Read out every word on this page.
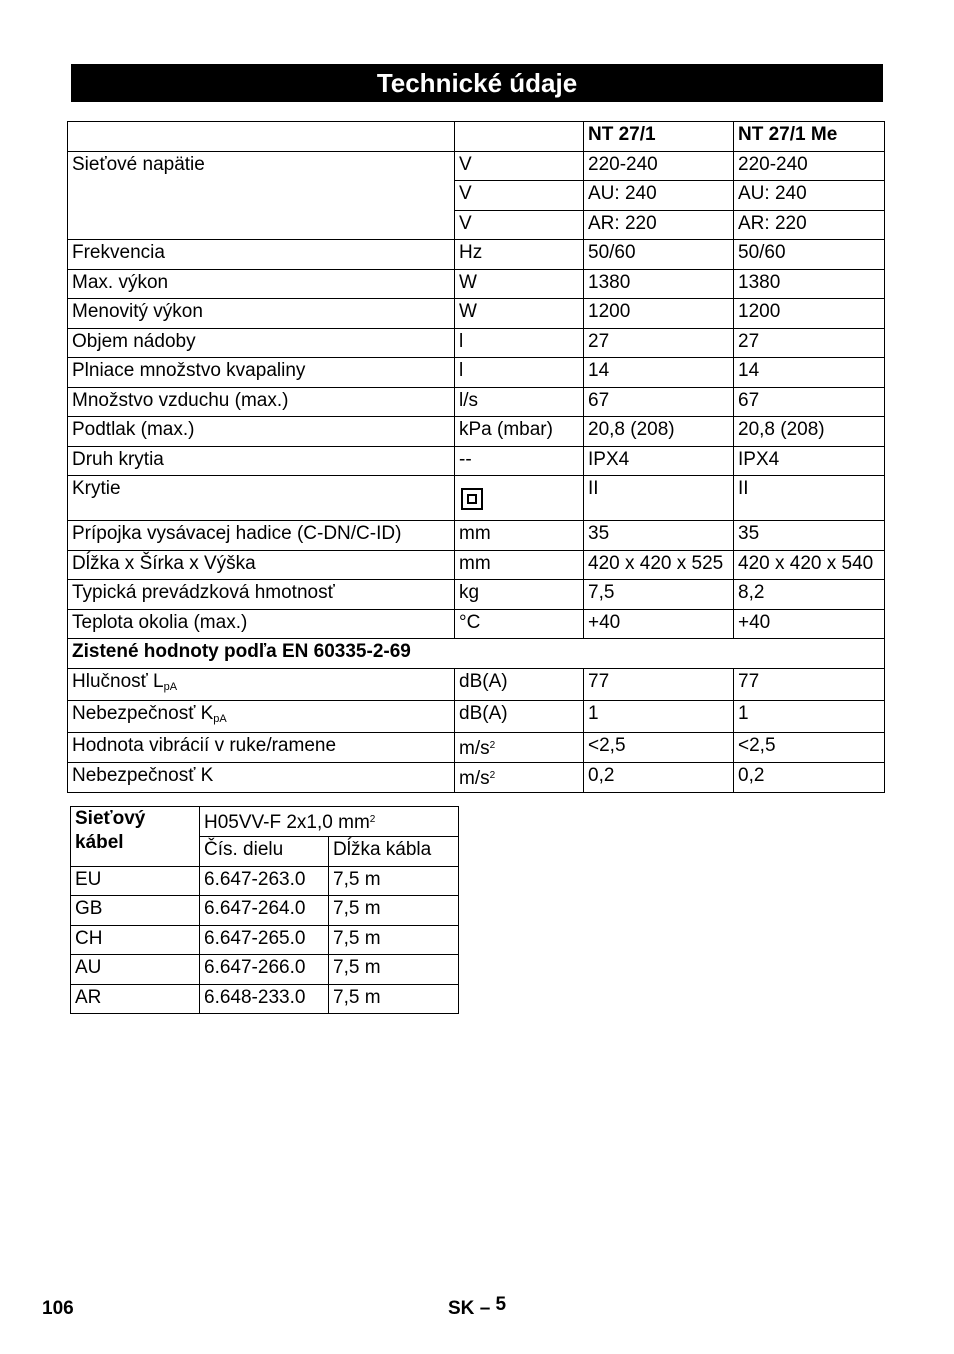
Technické údaje
		NT 27/1	NT 27/1 Me
Sieťové napätie	V	220-240	220-240
	V	AU: 240	AU: 240
	V	AR: 220	AR: 220
Frekvencia	Hz	50/60	50/60
Max. výkon	W	1380	1380
Menovitý výkon	W	1200	1200
Objem nádoby	l	27	27
Plniace množstvo kvapaliny	l	14	14
Množstvo vzduchu (max.)	l/s	67	67
Podtlak (max.)	kPa (mbar)	20,8 (208)	20,8 (208)
Druh krytia	--	IPX4	IPX4
Krytie		II	II
Prípojka vysávacej hadice (C-DN/C-ID)	mm	35	35
Dĺžka x Šírka x Výška	mm	420 x 420 x 525	420 x 420 x 540
Typická prevádzková hmotnosť	kg	7,5	8,2
Teplota okolia (max.)	°C	+40	+40
Zistené hodnoty podľa EN 60335-2-69			
Hlučnosť $L_{pA}$	dB(A)	77	77
Nebezpečnosť $K_{pA}$	dB(A)	1	1
Hodnota vibrácií v ruke/ramene	$m/s^2$	<2,5	<2,5
Nebezpečnosť K	$m/s^2$	0,2	0,2
Sieťový kábel	H05VV-F 2x1,0 $mm^2$
	Čís. dielu	Dĺžka kábla
EU	6.647-263.0	7,5 m
GB	6.647-264.0	7,5 m
CH	6.647-265.0	7,5 m
AU	6.647-266.0	7,5 m
AR	6.648-233.0	7,5 m
106	SK – 5
